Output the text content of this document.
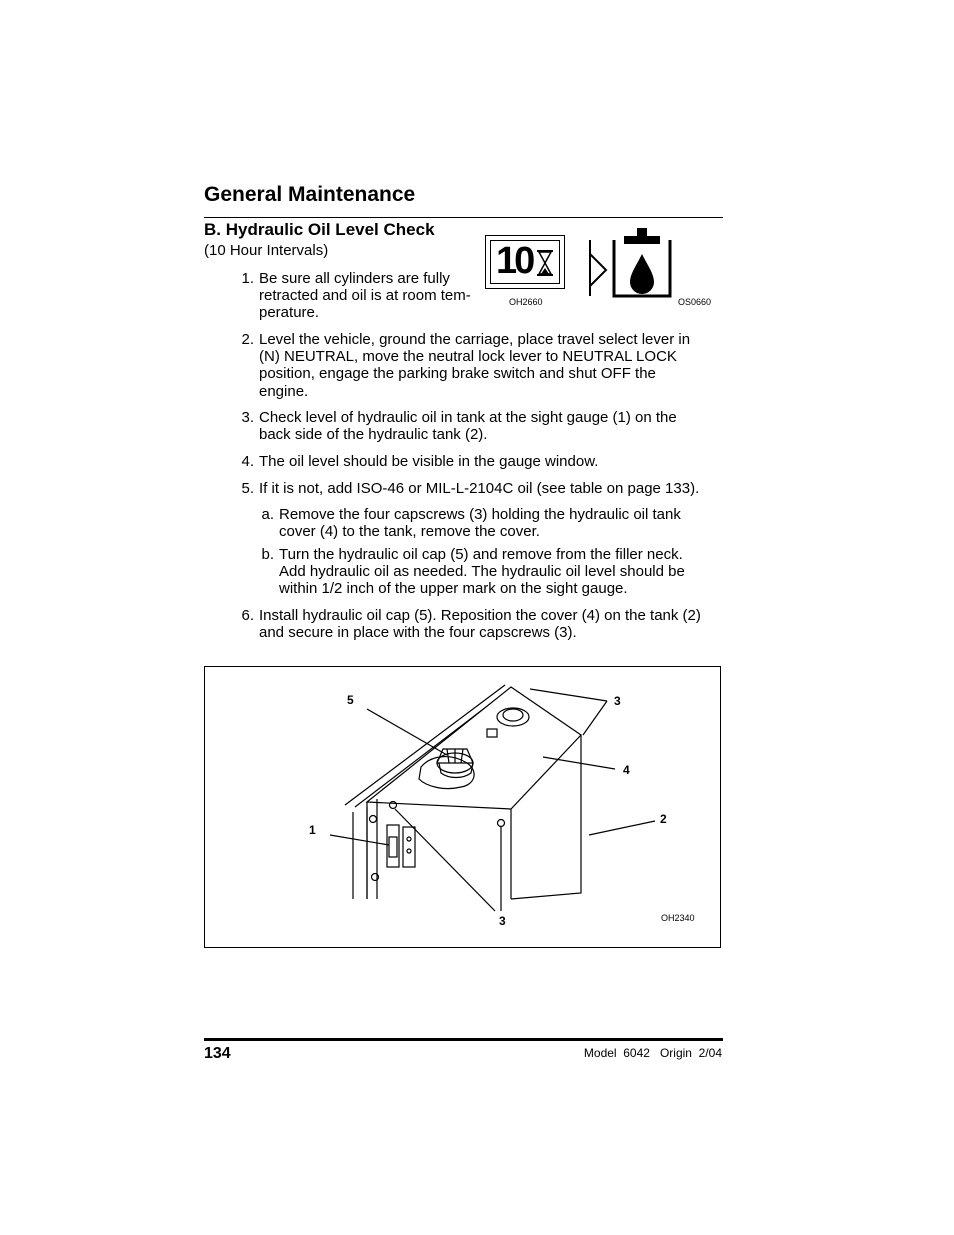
General Maintenance
B. Hydraulic Oil Level Check
(10 Hour Intervals)	10
OH2660	OS0660
1. Be sure all cylinders are fully
retracted and oil is at room tem-
perature.
2. Level the vehicle, ground the carriage, place travel select lever in
(N) NEUTRAL, move the neutral lock lever to NEUTRAL LOCK
position, engage the parking brake switch and shut OFF the
engine.
3. Check level of hydraulic oil in tank at the sight gauge (1) on the
back side of the hydraulic tank (2).
4. The oil level should be visible in the gauge window.
5. If it is not, add ISO-46 or MIL-L-2104C oil (see table on page 133).
a. Remove the four capscrews (3) holding the hydraulic oil tank
cover (4) to the tank, remove the cover.
b. Turn the hydraulic oil cap (5) and remove from the filler neck.
Add hydraulic oil as needed. The hydraulic oil level should be
within 1/2 inch of the upper mark on the sight gauge.
6. Install hydraulic oil cap (5). Reposition the cover (4) on the tank (2)
and secure in place with the four capscrews (3).
5	3
4
1
2
3	OH2340
134	Model  6042   Origin  2/04
